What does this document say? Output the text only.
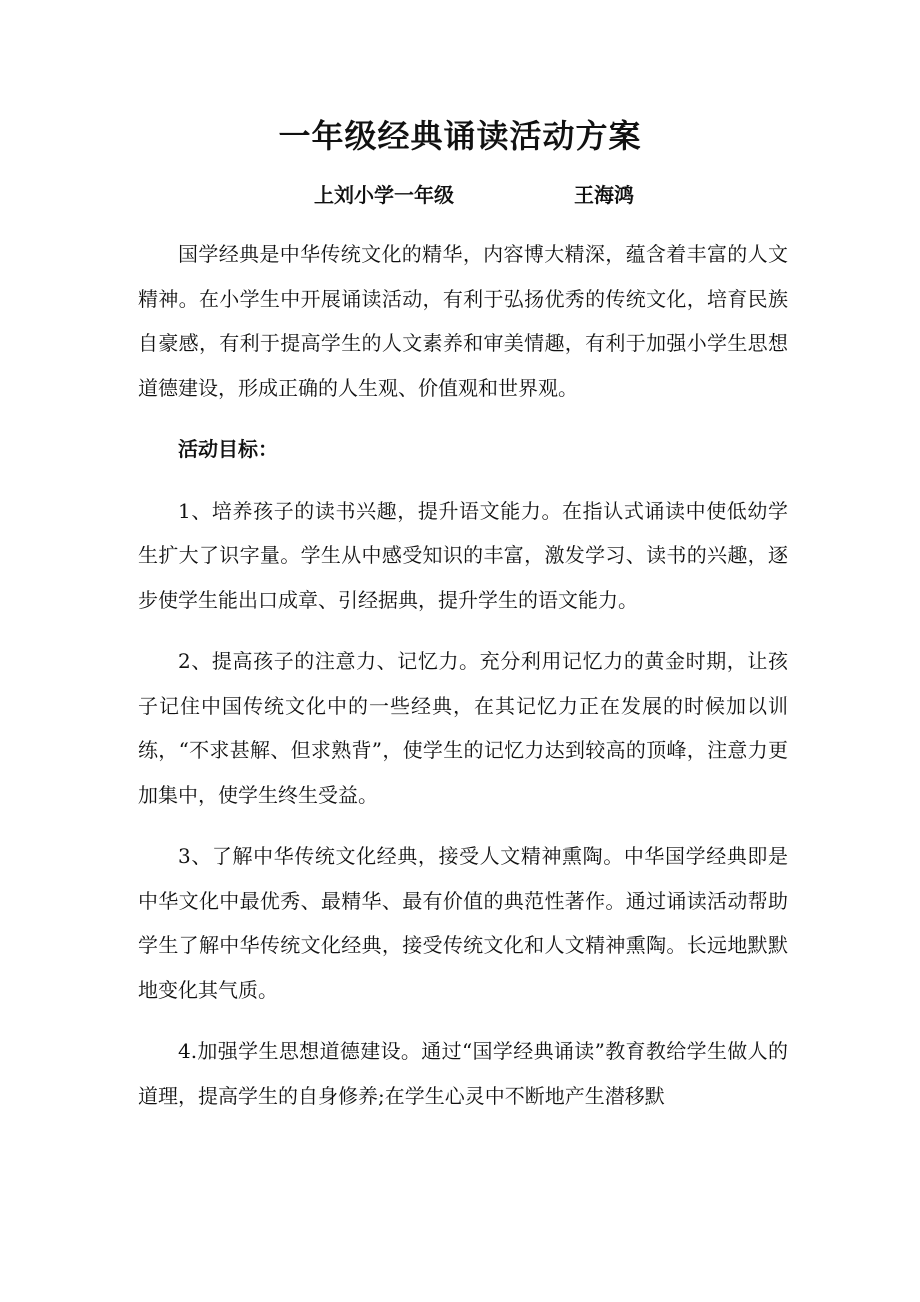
一年级经典诵读活动方案
上刘小学一年级	王海鸿

国学经典是中华传统文化的精华，内容博大精深，蕴含着丰富的人文精神。在小学生中开展诵读活动，有利于弘扬优秀的传统文化，培育民族自豪感，有利于提高学生的人文素养和审美情趣，有利于加强小学生思想道德建设，形成正确的人生观、价值观和世界观。

活动目标：

1、培养孩子的读书兴趣，提升语文能力。在指认式诵读中使低幼学生扩大了识字量。学生从中感受知识的丰富，激发学习、读书的兴趣，逐步使学生能出口成章、引经据典，提升学生的语文能力。

2、提高孩子的注意力、记忆力。充分利用记忆力的黄金时期，让孩子记住中国传统文化中的一些经典，在其记忆力正在发展的时候加以训练，“不求甚解、但求熟背”，使学生的记忆力达到较高的顶峰，注意力更加集中，使学生终生受益。

3、了解中华传统文化经典，接受人文精神熏陶。中华国学经典即是中华文化中最优秀、最精华、最有价值的典范性著作。通过诵读活动帮助学生了解中华传统文化经典，接受传统文化和人文精神熏陶。长远地默默地变化其气质。

4.加强学生思想道德建设。通过“国学经典诵读”教育教给学生做人的道理，提高学生的自身修养;在学生心灵中不断地产生潜移默
